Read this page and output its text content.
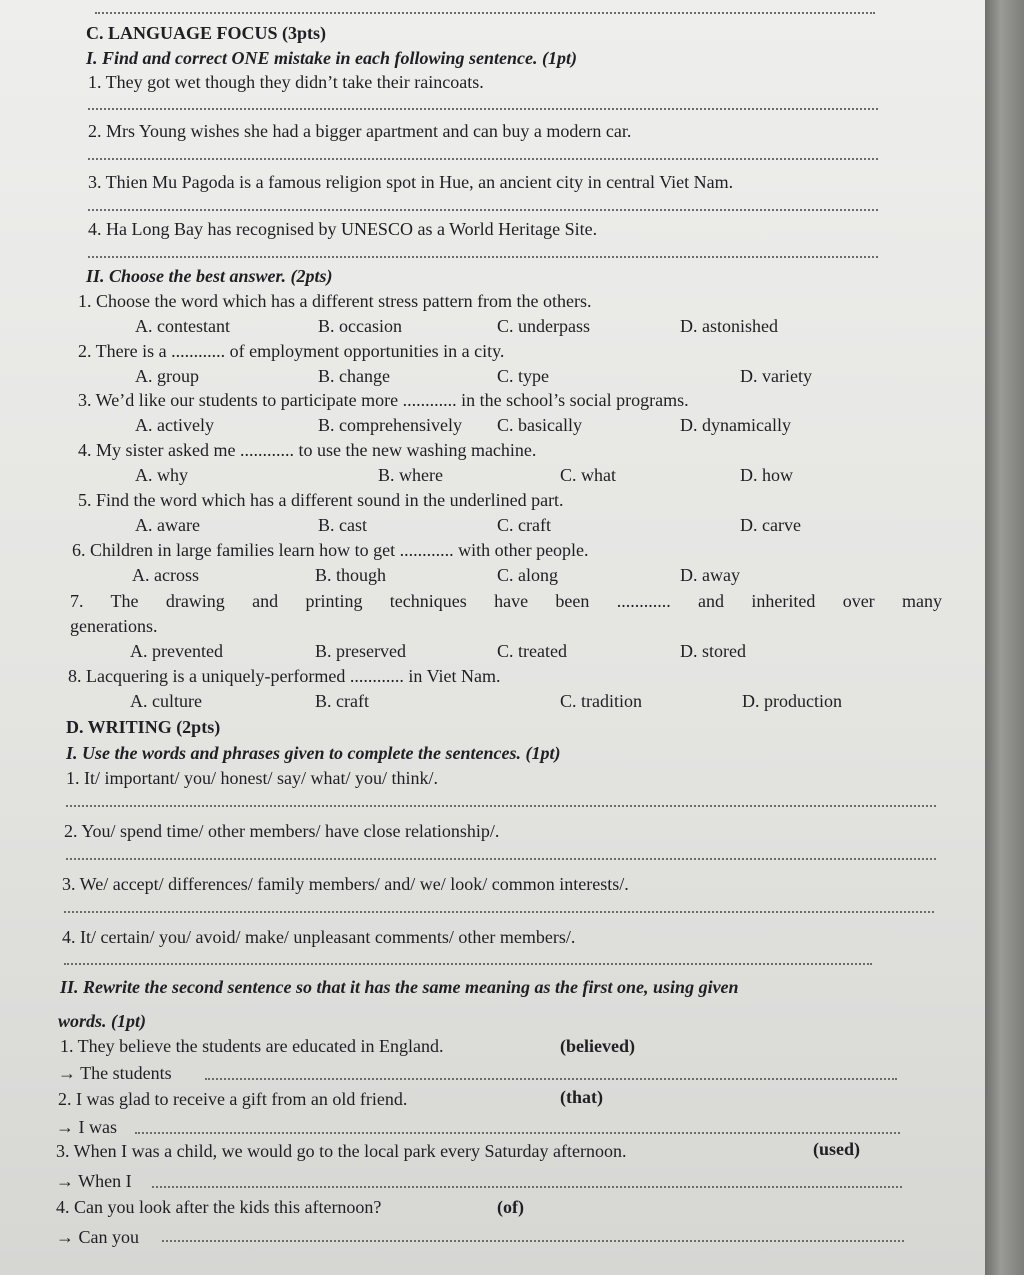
C. LANGUAGE FOCUS (3pts)
I. Find and correct ONE mistake in each following sentence. (1pt)
1. They got wet though they didn’t take their raincoats.
2. Mrs Young wishes she had a bigger apartment and can buy a modern car.
3. Thien Mu Pagoda is a famous religion spot in Hue, an ancient city in central Viet Nam.
4. Ha Long Bay has recognised by UNESCO as a World Heritage Site.
II. Choose the best answer. (2pts)
1. Choose the word which has a different stress pattern from the others.
A. contestant	B. occasion	C. underpass	D. astonished
2. There is a ............ of employment opportunities in a city.
A. group	B. change	C. type	D. variety
3. We’d like our students to participate more ............ in the school’s social programs.
A. actively	B. comprehensively C. basically	D. dynamically
4. My sister asked me ............ to use the new washing machine.
A. why	B. where	C. what	D. how
5. Find the word which has a different sound in the underlined part.
A. aware	B. cast	C. craft	D. carve
6. Children in large families learn how to get ............ with other people.
A. across	B. though	C. along	D. away
7. The drawing and printing techniques have been ............ and inherited over many
generations.
A. prevented	B. preserved	C. treated	D. stored
8. Lacquering is a uniquely-performed ............ in Viet Nam.
A. culture	B. craft	C. tradition	D. production
D. WRITING (2pts)
I. Use the words and phrases given to complete the sentences. (1pt)
1. It/ important/ you/ honest/ say/ what/ you/ think/.
2. You/ spend time/ other members/ have close relationship/.
3. We/ accept/ differences/ family members/ and/ we/ look/ common interests/.
4. It/ certain/ you/ avoid/ make/ unpleasant comments/ other members/.
II. Rewrite the second sentence so that it has the same meaning as the first one, using given
words. (1pt)
1. They believe the students are educated in England.	(believed)
→ The students
2. I was glad to receive a gift from an old friend.	(that)
→ I was
3. When I was a child, we would go to the local park every Saturday afternoon.	(used)
→ When I
4. Can you look after the kids this afternoon?	(of)
→ Can you
